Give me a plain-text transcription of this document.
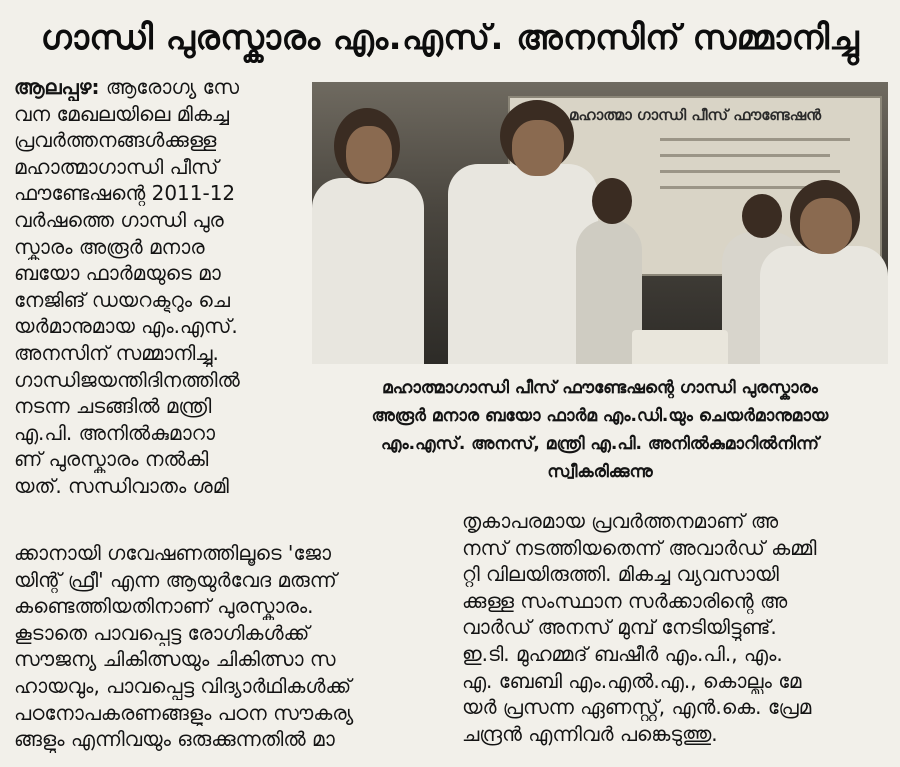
ഗാന്ധി പുരസ്കാരം എം.എസ്. അനസിന് സമ്മാനിച്ചു
ആലപ്പുഴ: ആരോഗ്യ സേ
വന മേഖലയിലെ മികച്ച
പ്രവർത്തനങ്ങൾക്കുള്ള
മഹാത്മാഗാന്ധി പീസ്
ഫൗണ്ടേഷന്റെ 2011-12
വർഷത്തെ ഗാന്ധി പുര
സ്കാരം അരൂർ മനാര
ബയോ ഫാർമയുടെ മാ
നേജിങ് ഡയറക്ടറും ചെ
യർമാനുമായ എം.എസ്.
അനസിന് സമ്മാനിച്ചു.
ഗാന്ധിജയന്തിദിനത്തിൽ
നടന്ന ചടങ്ങിൽ മന്ത്രി
എ.പി. അനിൽകുമാറാ
ണ് പുരസ്കാരം നൽകി
യത്. സന്ധിവാതം ശമി
മഹാത്മാ ഗാന്ധി പീസ് ഫൗണ്ടേഷൻ
മഹാത്മാഗാന്ധി പീസ് ഫൗണ്ടേഷന്റെ ഗാന്ധി പുരസ്കാരം
അരൂർ മനാര ബയോ ഫാർമ എം.ഡി.യും ചെയർമാനുമായ
എം.എസ്. അനസ്, മന്ത്രി എ.പി. അനിൽകുമാറിൽനിന്ന്
സ്വീകരിക്കുന്നു
ക്കാനായി ഗവേഷണത്തിലൂടെ 'ജോ
യിന്റ് ഫ്രീ' എന്ന ആയുർവേദ മരുന്ന്
കണ്ടെത്തിയതിനാണ് പുരസ്കാരം.
കൂടാതെ പാവപ്പെട്ട രോഗികൾക്ക്
സൗജന്യ ചികിത്സയും ചികിത്സാ സ
ഹായവും, പാവപ്പെട്ട വിദ്യാർഥികൾക്ക്
പഠനോപകരണങ്ങളും പഠന സൗകര്യ
ങ്ങളും എന്നിവയും ഒരുക്കുന്നതിൽ മാ
തൃകാപരമായ പ്രവർത്തനമാണ് അ
നസ് നടത്തിയതെന്ന് അവാർഡ് കമ്മി
റ്റി വിലയിരുത്തി. മികച്ച വ്യവസായി
ക്കുള്ള സംസ്ഥാന സർക്കാരിന്റെ അ
വാർഡ് അനസ് മുമ്പ് നേടിയിട്ടുണ്ട്.
ഇ.ടി. മുഹമ്മദ് ബഷീർ എം.പി., എം.
എ. ബേബി എം.എൽ.എ., കൊല്ലം മേ
യർ പ്രസന്ന ഏണസ്റ്റ്, എൻ.കെ. പ്രേമ
ചന്ദ്രൻ എന്നിവർ പങ്കെടുത്തു.
